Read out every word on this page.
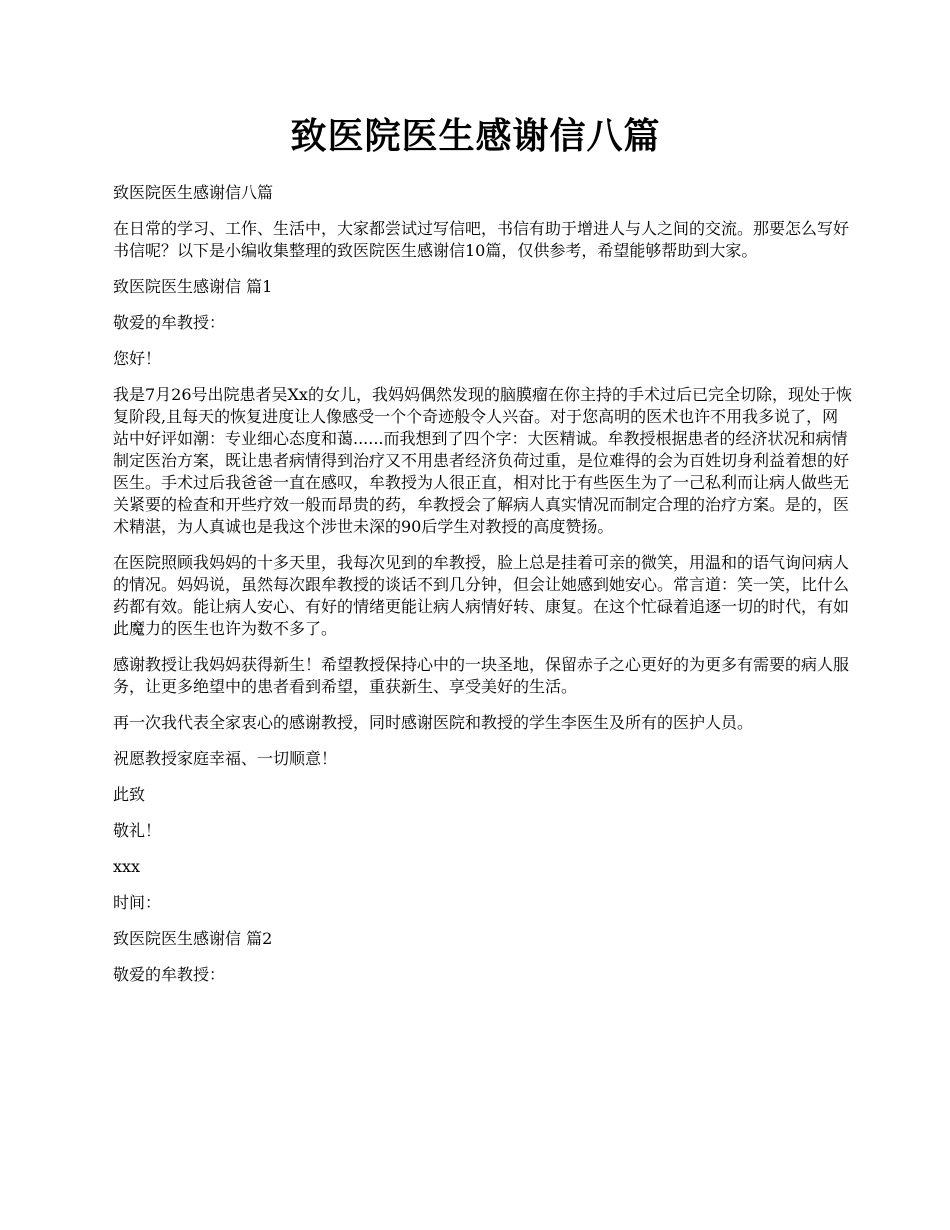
致医院医生感谢信八篇

致医院医生感谢信八篇

在日常的学习、工作、生活中，大家都尝试过写信吧，书信有助于增进人与人之间的交流。那要怎么写好书信呢？以下是小编收集整理的致医院医生感谢信10篇，仅供参考，希望能够帮助到大家。

致医院医生感谢信 篇1

敬爱的牟教授：

您好！

我是7月26号出院患者吴Xx的女儿，我妈妈偶然发现的脑膜瘤在你主持的手术过后已完全切除，现处于恢复阶段,且每天的恢复进度让人像感受一个个奇迹般令人兴奋。对于您高明的医术也许不用我多说了，网站中好评如潮：专业细心态度和蔼......而我想到了四个字：大医精诚。牟教授根据患者的经济状况和病情制定医治方案，既让患者病情得到治疗又不用患者经济负荷过重，是位难得的会为百姓切身利益着想的好医生。手术过后我爸爸一直在感叹，牟教授为人很正直，相对比于有些医生为了一己私利而让病人做些无关紧要的检查和开些疗效一般而昂贵的药，牟教授会了解病人真实情况而制定合理的治疗方案。是的，医术精湛，为人真诚也是我这个涉世未深的90后学生对教授的高度赞扬。

在医院照顾我妈妈的十多天里，我每次见到的牟教授，脸上总是挂着可亲的微笑，用温和的语气询问病人的情况。妈妈说，虽然每次跟牟教授的谈话不到几分钟，但会让她感到她安心。常言道：笑一笑，比什么药都有效。能让病人安心、有好的情绪更能让病人病情好转、康复。在这个忙碌着追逐一切的时代，有如此魔力的医生也许为数不多了。

感谢教授让我妈妈获得新生！希望教授保持心中的一块圣地，保留赤子之心更好的为更多有需要的病人服务，让更多绝望中的患者看到希望，重获新生、享受美好的生活。

再一次我代表全家衷心的感谢教授，同时感谢医院和教授的学生李医生及所有的医护人员。

祝愿教授家庭幸福、一切顺意！

此致

敬礼！

xxx

时间：

致医院医生感谢信 篇2

敬爱的牟教授：
